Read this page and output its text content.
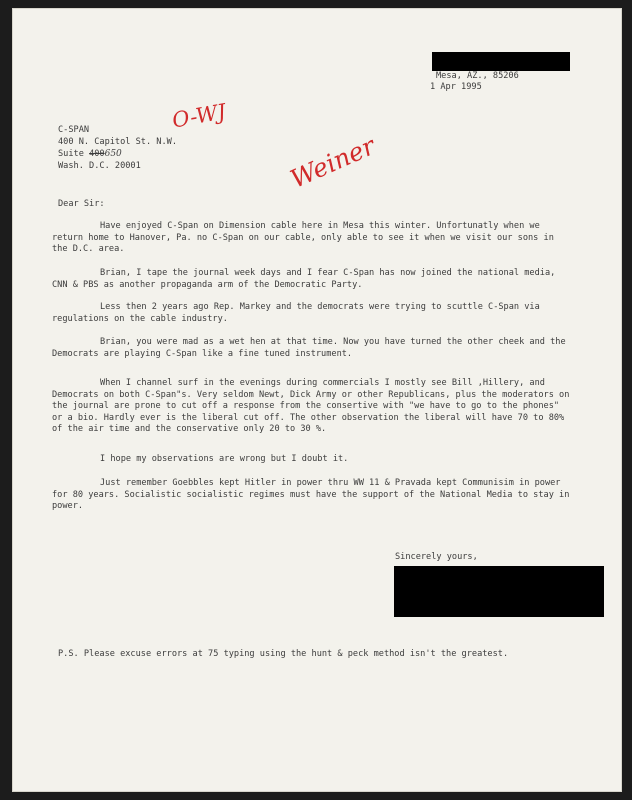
Mesa, AZ., 85206

1 Apr 1995

O-WJ

Weiner

C-SPAN

400 N. Capitol St. N.W.

Suite 400650

Wash. D.C. 20001

Dear Sir:

Have enjoyed C-Span on Dimension cable here in Mesa this winter. Unfortunatly when we return home to Hanover, Pa. no C-Span on our cable, only able to see it when we visit our sons in the D.C. area.

Brian, I tape the journal week days and I fear C-Span has now joined the national media, CNN & PBS as another propaganda arm of the Democratic Party.

Less then 2 years ago Rep. Markey and the democrats were trying to scuttle C-Span via regulations on the cable industry.

Brian, you were mad as a wet hen at that time. Now you have turned the other cheek and the Democrats are playing C-Span like a fine tuned instrument.

When I channel surf in the evenings during commercials I mostly see Bill ,Hillery, and Democrats on both C-Span"s. Very seldom Newt, Dick Army or other Republicans, plus the moderators on the journal are prone to cut off a response from the consertive with "we have to go to the phones" or a bio. Hardly ever is the liberal cut off. The other observation the liberal will have 70 to 80% of the air time and the conservative only 20 to 30 %.

I hope my observations are wrong but I doubt it.

Just remember Goebbles kept Hitler in power thru WW 11 & Pravada kept Communisim in power for 80 years. Socialistic socialistic regimes must have the support of the National Media to stay in power.

Sincerely yours,

P.S. Please excuse errors at 75 typing using the hunt & peck method isn't the greatest.
